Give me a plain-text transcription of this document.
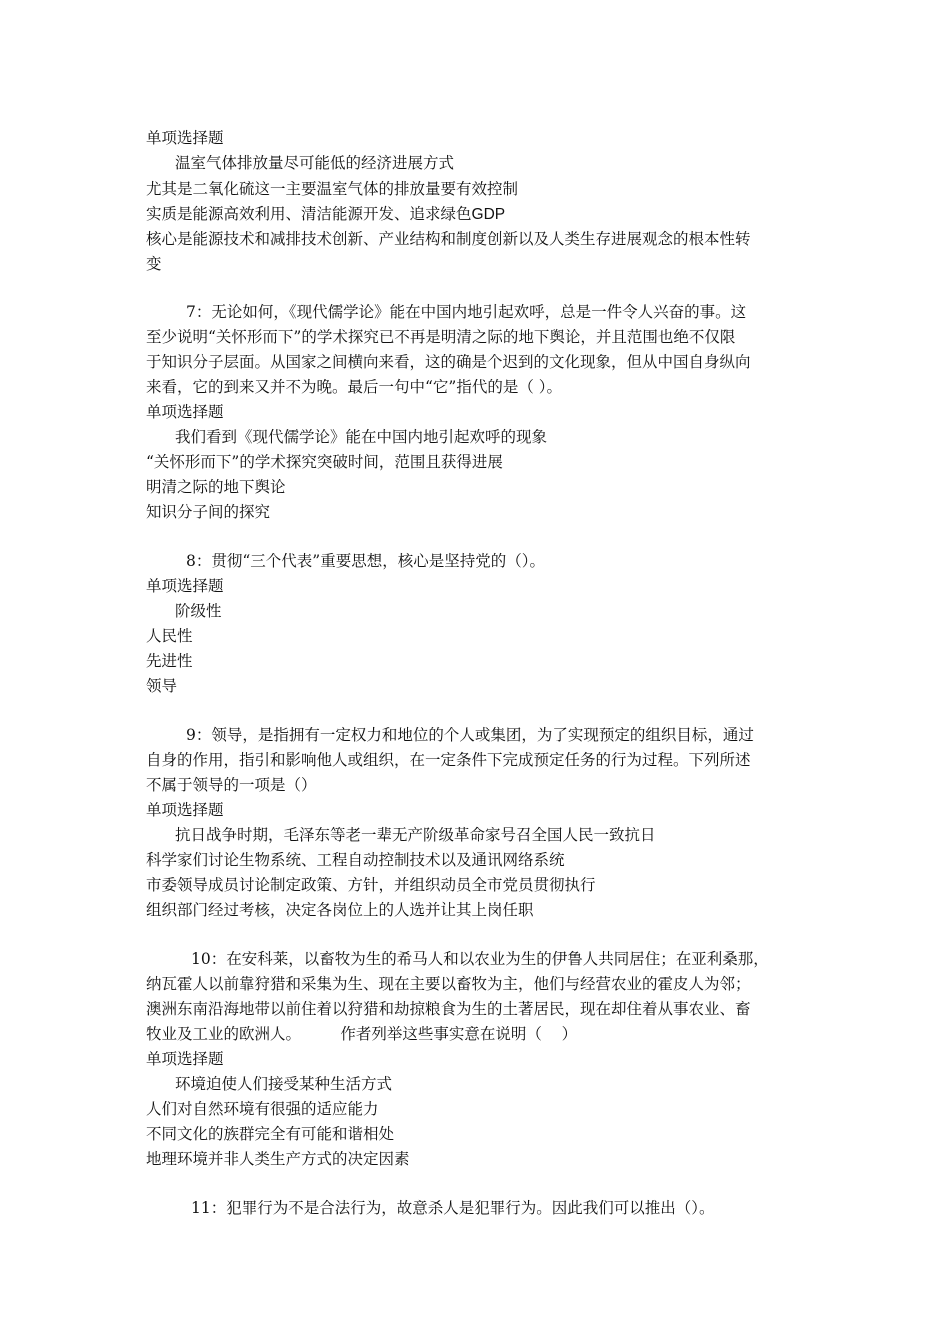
单项选择题
温室气体排放量尽可能低的经济进展方式
尤其是二氧化硫这一主要温室气体的排放量要有效控制
实质是能源高效利用、清洁能源开发、追求绿色GDP
核心是能源技术和减排技术创新、产业结构和制度创新以及人类生存进展观念的根本性转
变
7：无论如何，《现代儒学论》能在中国内地引起欢呼，总是一件令人兴奋的事。这
至少说明“关怀形而下”的学术探究已不再是明清之际的地下舆论，并且范围也绝不仅限
于知识分子层面。从国家之间横向来看，这的确是个迟到的文化现象，但从中国自身纵向
来看，它的到来又并不为晚。最后一句中“它”指代的是（ ）。
单项选择题
我们看到《现代儒学论》能在中国内地引起欢呼的现象
“关怀形而下”的学术探究突破时间，范围且获得进展
明清之际的地下舆论
知识分子间的探究
8：贯彻“三个代表”重要思想，核心是坚持党的（）。
单项选择题
阶级性
人民性
先进性
领导
9：领导，是指拥有一定权力和地位的个人或集团，为了实现预定的组织目标，通过
自身的作用，指引和影响他人或组织，在一定条件下完成预定任务的行为过程。下列所述
不属于领导的一项是（）
单项选择题
抗日战争时期，毛泽东等老一辈无产阶级革命家号召全国人民一致抗日
科学家们讨论生物系统、工程自动控制技术以及通讯网络系统
市委领导成员讨论制定政策、方针，并组织动员全市党员贯彻执行
组织部门经过考核，决定各岗位上的人选并让其上岗任职
10：在安科莱，以畜牧为生的希马人和以农业为生的伊鲁人共同居住；在亚利桑那，
纳瓦霍人以前靠狩猎和采集为生、现在主要以畜牧为主，他们与经营农业的霍皮人为邻；
澳洲东南沿海地带以前住着以狩猎和劫掠粮食为生的土著居民，现在却住着从事农业、畜
牧业及工业的欧洲人。        作者列举这些事实意在说明（    ）
单项选择题
环境迫使人们接受某种生活方式
人们对自然环境有很强的适应能力
不同文化的族群完全有可能和谐相处
地理环境并非人类生产方式的决定因素
11：犯罪行为不是合法行为，故意杀人是犯罪行为。因此我们可以推出（）。
